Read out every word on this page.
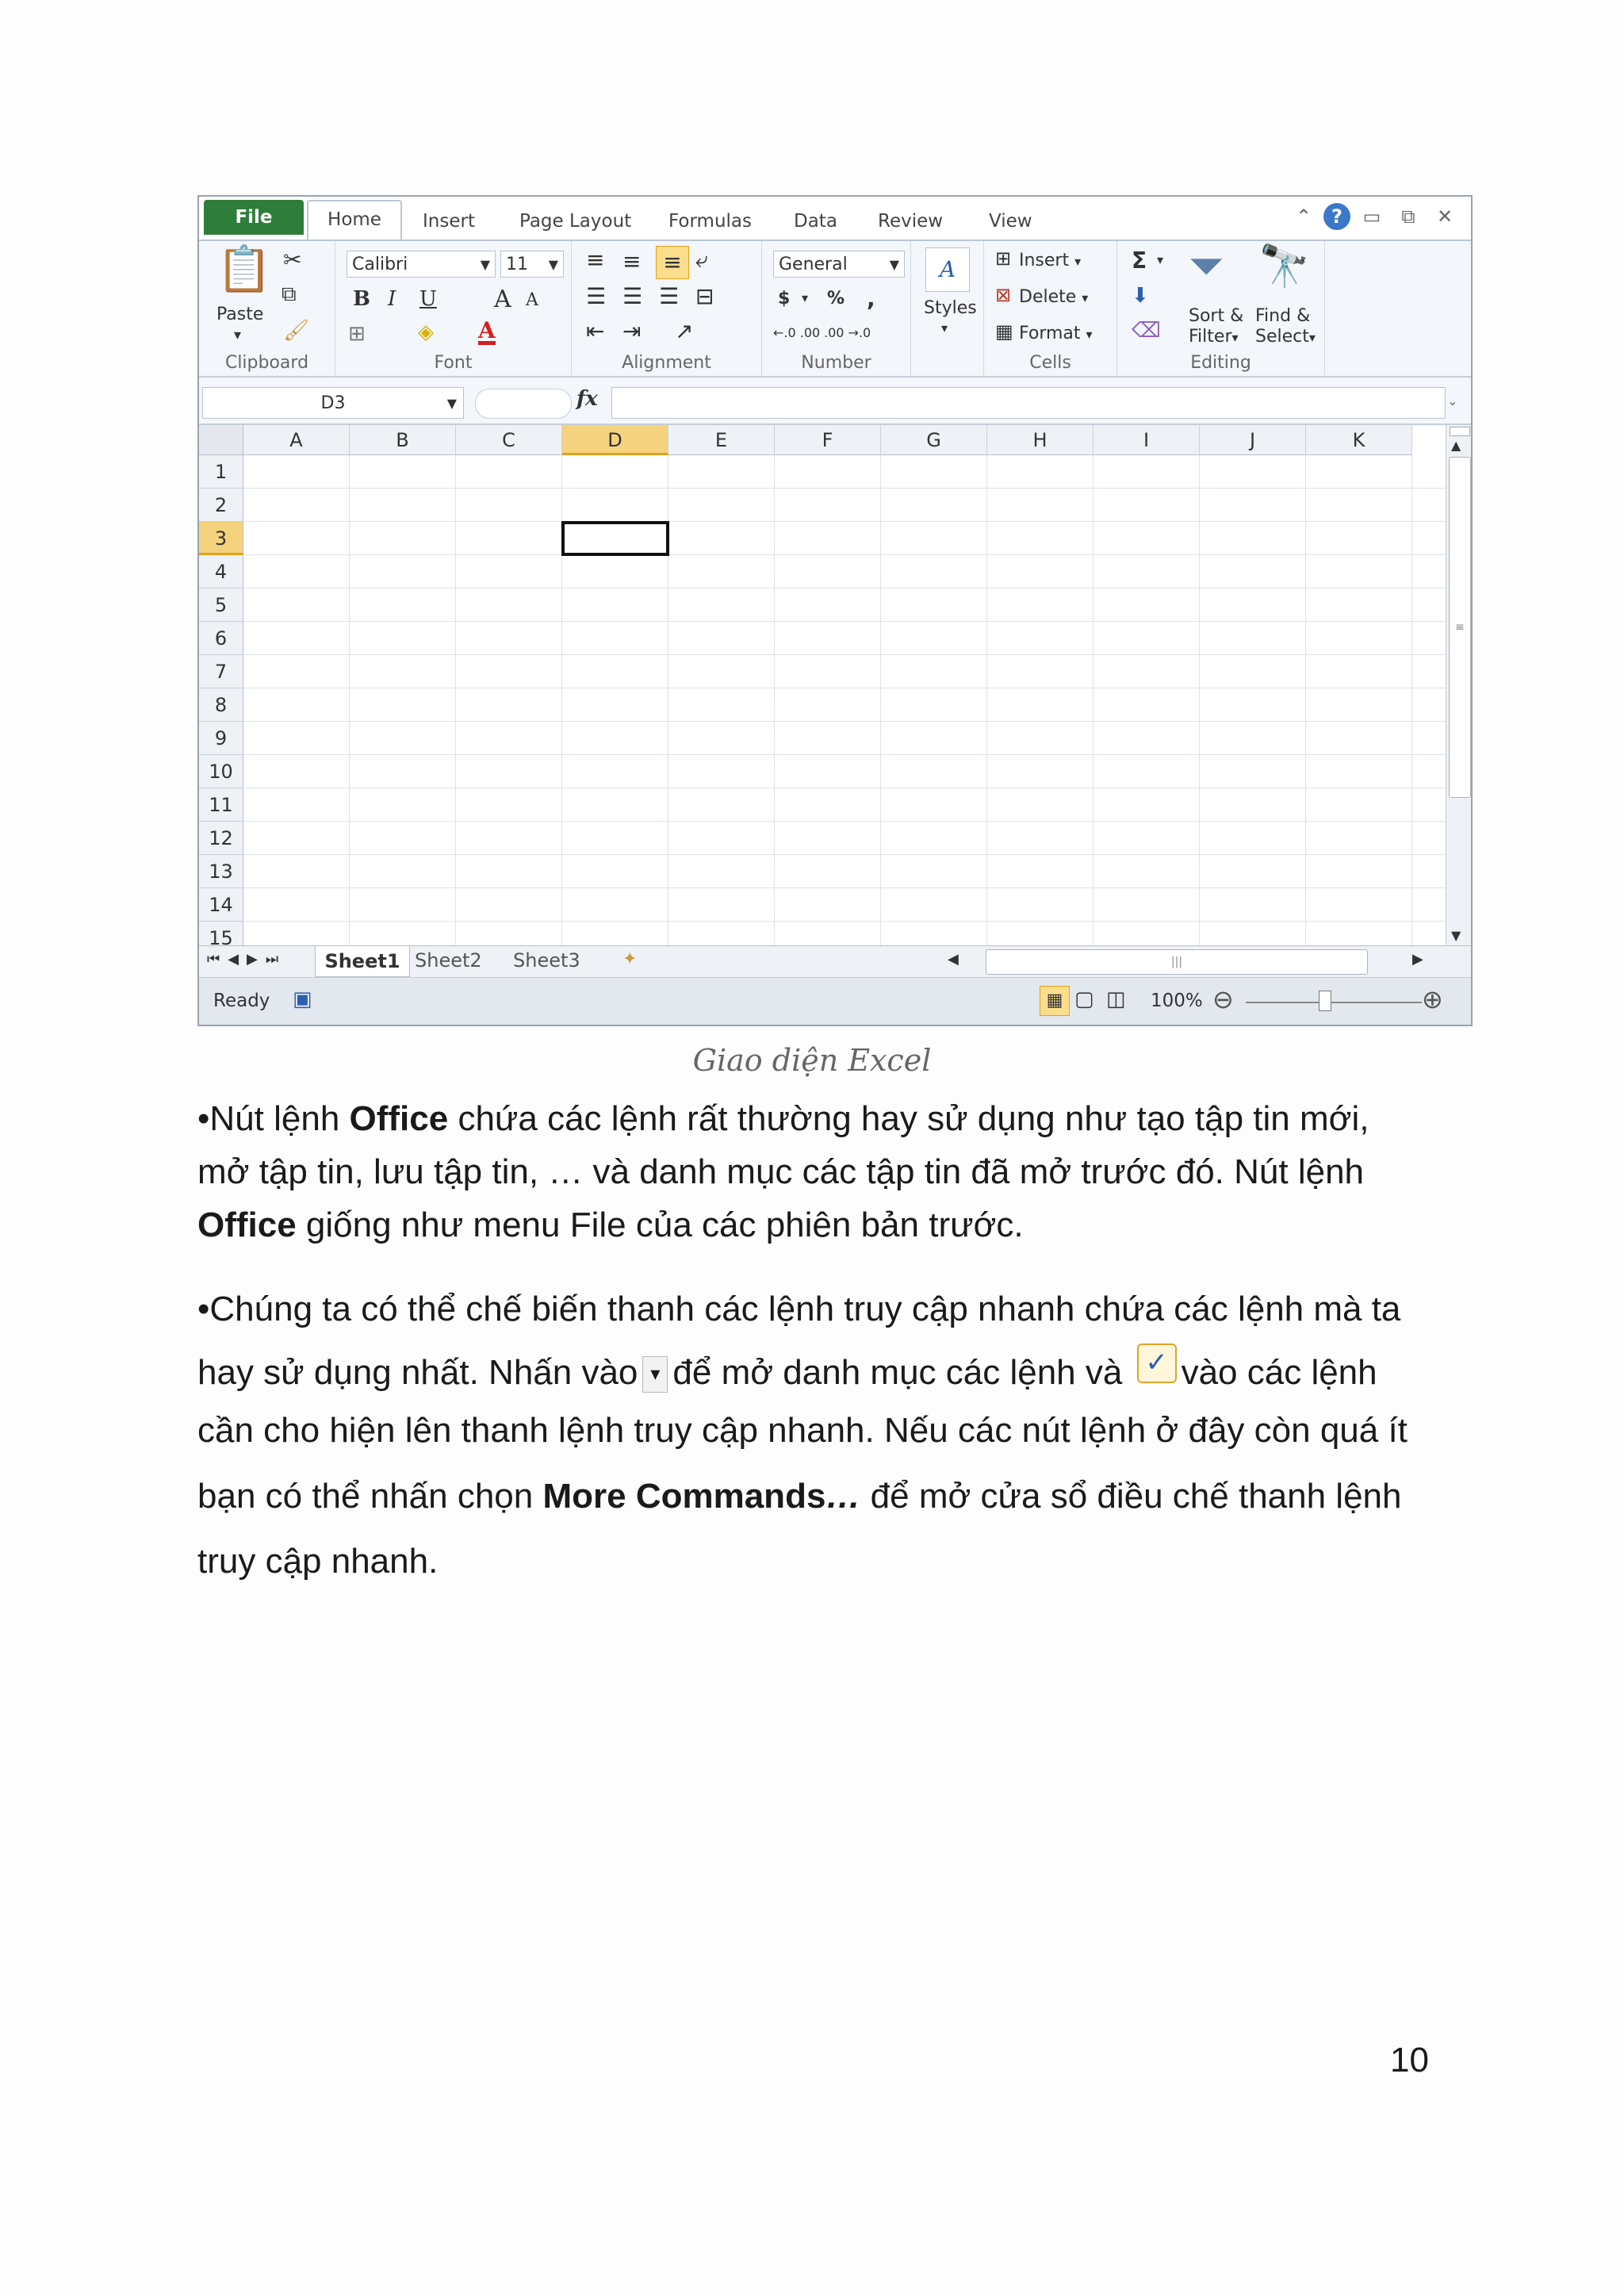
File	Home	Insert Page Layout Formulas Data Review	View	⌃	?	▭	⧉	✕
📋
Paste
▾
✂
⧉
🖌
Clipboard
Calibri	▼ 11 ▼
B I U A A
⊞	◈ A
Font
≡ ≡ ≡ ⤶
☰ ☰ ☰ ⊟
⇤ ⇥ ↗
Alignment
General	▼
$ ▾ % ,
←.0 .00 .00 →.0
Number
A
Styles
▾
⊞ Insert ▾
⊠ Delete ▾
▦ Format ▾
Cells
Σ ▾
⬇
⌫
⏷
Sort &
Filter▾
🔭
Find &
Select▾
Editing
D3	▼	fx	⌄
A	B	C	D	E	F	G	H	I	J	K
1
2
3
4
5
6
7
8
9
10
11
12
13
14
15
▲
≡
▼
⏮◀▶⏭	Sheet1 Sheet2 Sheet3 ✦	◀	|||	▶
Ready ▣	▦ ▢ ◫ 100% ⊖	⊕
Giao diện Excel
•Nút lệnh Office chứa các lệnh rất thường hay sử dụng như tạo tập tin mới,
mở tập tin, lưu tập tin, … và danh mục các tập tin đã mở trước đó. Nút lệnh
Office giống như menu File của các phiên bản trước.
•Chúng ta có thể chế biến thanh các lệnh truy cập nhanh chứa các lệnh mà ta
hay sử dụng nhất. Nhấn vào ▾ để mở danh mục các lệnh và ✓ vào các lệnh
cần cho hiện lên thanh lệnh truy cập nhanh. Nếu các nút lệnh ở đây còn quá ít
bạn có thể nhấn chọn More Commands… để mở cửa sổ điều chế thanh lệnh
truy cập nhanh.
10
